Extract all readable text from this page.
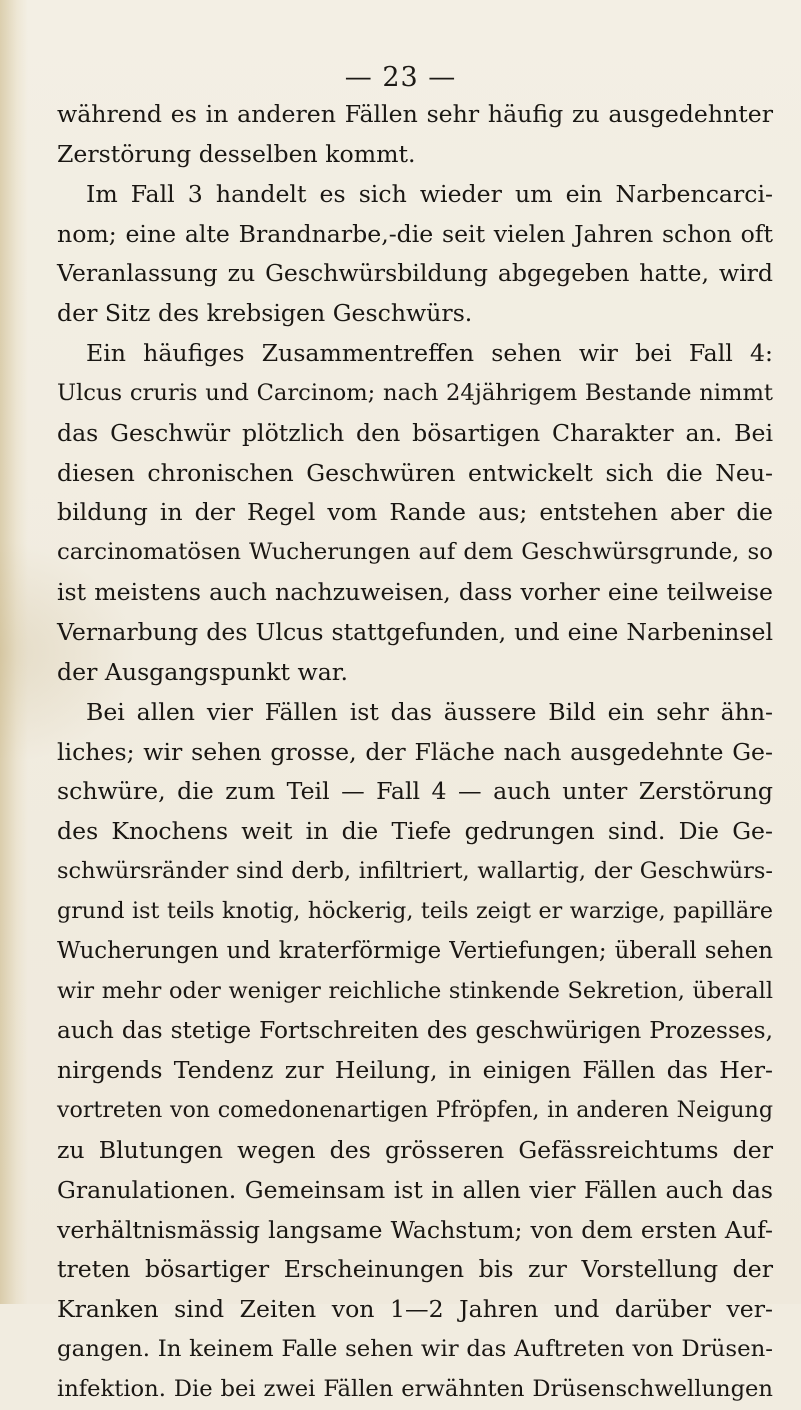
— 23 —
während es in anderen Fällen sehr häufig zu ausgedehnter
Zerstörung desselben kommt.
Im Fall 3 handelt es sich wieder um ein Narbencarci-
nom; eine alte Brandnarbe,-die seit vielen Jahren schon oft
Veranlassung zu Geschwürsbildung abgegeben hatte, wird
der Sitz des krebsigen Geschwürs.
Ein häufiges Zusammentreffen sehen wir bei Fall 4:
Ulcus cruris und Carcinom; nach 24jährigem Bestande nimmt
das Geschwür plötzlich den bösartigen Charakter an. Bei
diesen chronischen Geschwüren entwickelt sich die Neu-
bildung in der Regel vom Rande aus; entstehen aber die
carcinomatösen Wucherungen auf dem Geschwürsgrunde, so
ist meistens auch nachzuweisen, dass vorher eine teilweise
Vernarbung des Ulcus stattgefunden, und eine Narbeninsel
der Ausgangspunkt war.
Bei allen vier Fällen ist das äussere Bild ein sehr ähn-
liches; wir sehen grosse, der Fläche nach ausgedehnte Ge-
schwüre, die zum Teil — Fall 4 — auch unter Zerstörung
des Knochens weit in die Tiefe gedrungen sind. Die Ge-
schwürsränder sind derb, infiltriert, wallartig, der Geschwürs-
grund ist teils knotig, höckerig, teils zeigt er warzige, papilläre
Wucherungen und kraterförmige Vertiefungen; überall sehen
wir mehr oder weniger reichliche stinkende Sekretion, überall
auch das stetige Fortschreiten des geschwürigen Prozesses,
nirgends Tendenz zur Heilung, in einigen Fällen das Her-
vortreten von comedonenartigen Pfröpfen, in anderen Neigung
zu Blutungen wegen des grösseren Gefässreichtums der
Granulationen. Gemeinsam ist in allen vier Fällen auch das
verhältnismässig langsame Wachstum; von dem ersten Auf-
treten bösartiger Erscheinungen bis zur Vorstellung der
Kranken sind Zeiten von 1—2 Jahren und darüber ver-
gangen. In keinem Falle sehen wir das Auftreten von Drüsen-
infektion. Die bei zwei Fällen erwähnten Drüsenschwellungen
